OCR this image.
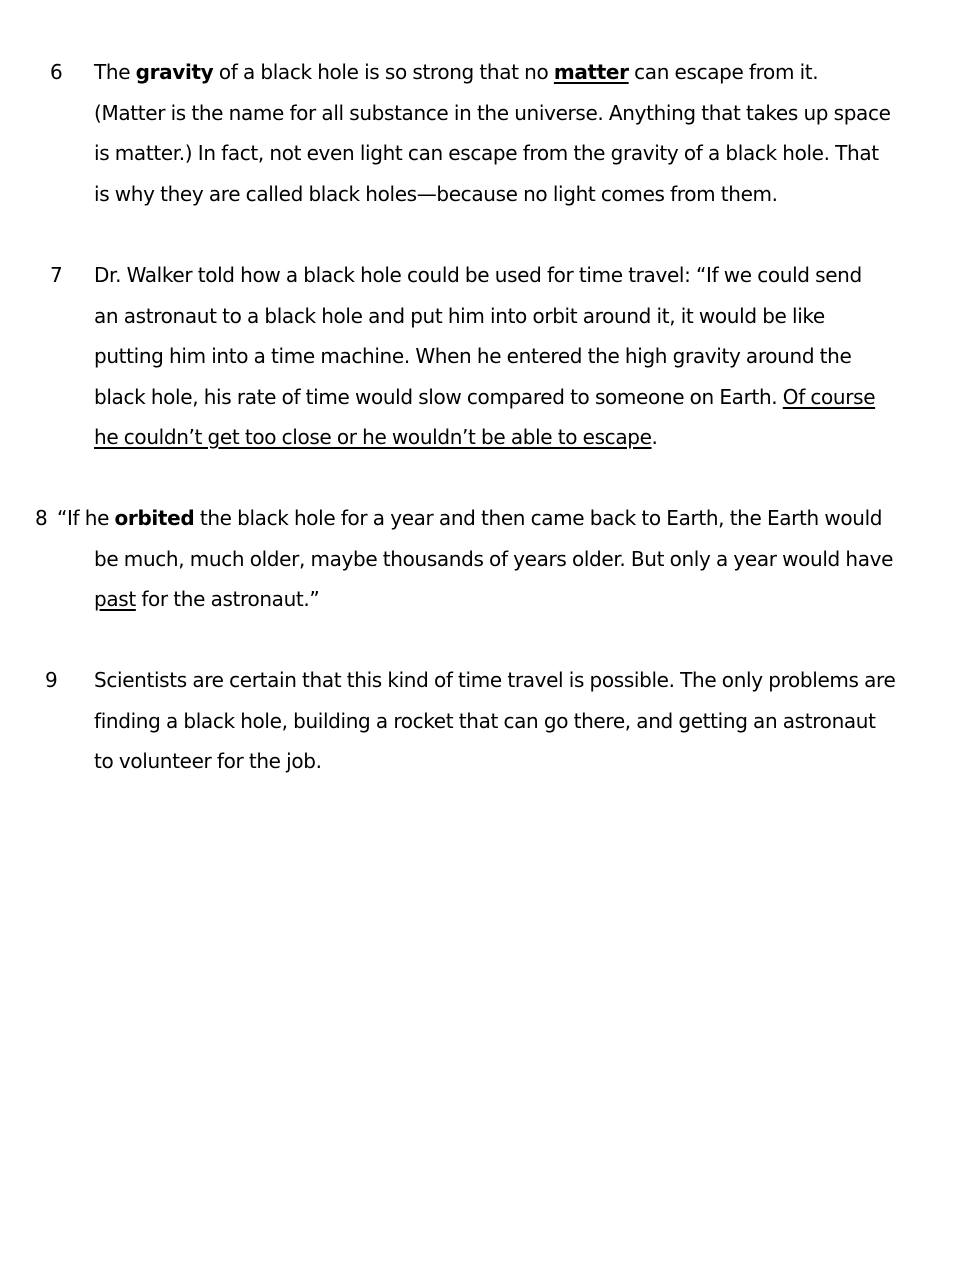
6 The gravity of a black hole is so strong that no matter can escape from it.
(Matter is the name for all substance in the universe. Anything that takes up space
is matter.) In fact, not even light can escape from the gravity of a black hole. That
is why they are called black holes—because no light comes from them.
7 Dr. Walker told how a black hole could be used for time travel: “If we could send
an astronaut to a black hole and put him into orbit around it, it would be like
putting him into a time machine. When he entered the high gravity around the
black hole, his rate of time would slow compared to someone on Earth. Of course
he couldn’t get too close or he wouldn’t be able to escape.
8 “If he orbited the black hole for a year and then came back to Earth, the Earth would
be much, much older, maybe thousands of years older. But only a year would have
past for the astronaut.”
9 Scientists are certain that this kind of time travel is possible. The only problems are
finding a black hole, building a rocket that can go there, and getting an astronaut
to volunteer for the job.
